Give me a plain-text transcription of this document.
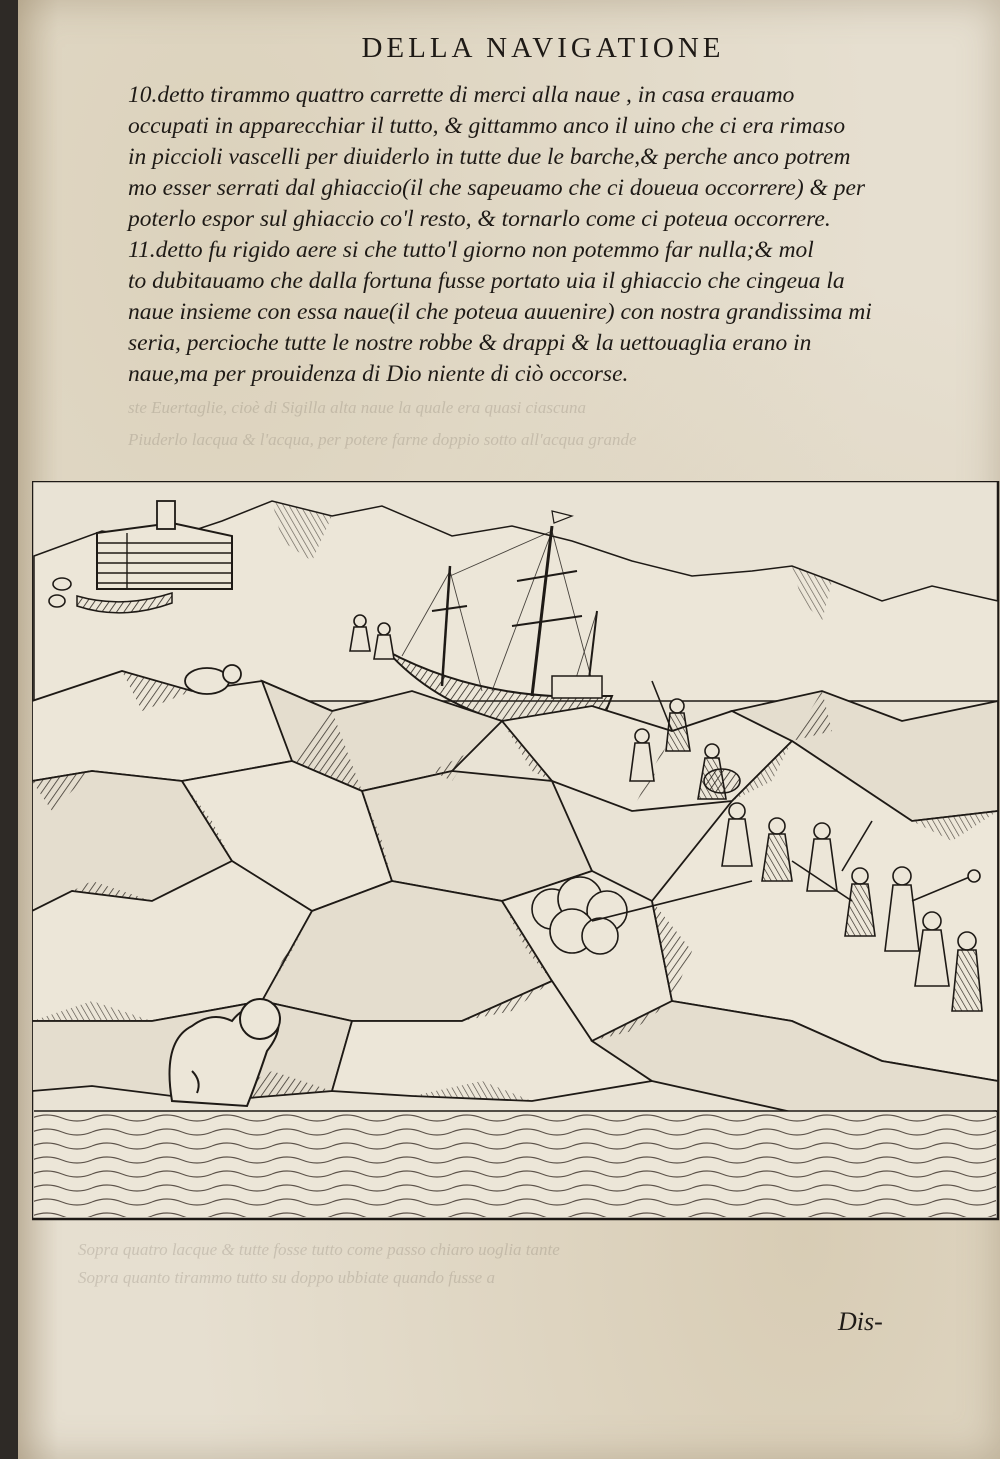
ste Euertaglie, cioè di Sigilla alta naue la quale era quasi ciascuna
Piuderlo lacqua & l'acqua, per potere farne doppio sotto all'acqua grande
Sopra quatro lacque & tutte fosse tutto come passo chiaro uoglia tante
Sopra quanto tirammo tutto su doppo ubbiate quando fusse a
DELLA NAVIGATIONE
10.detto tirammo quattro carrette di merci alla naue , in casa erauamo
occupati in apparecchiar il tutto, & gittammo anco il uino che ci era rimaso
in piccioli vascelli per diuiderlo in tutte due le barche,& perche anco potrem
mo esser serrati dal ghiaccio(il che sapeuamo che ci doueua occorrere) & per
poterlo espor sul ghiaccio co'l resto, & tornarlo come ci poteua occorrere.
11.detto fu rigido aere si che tutto'l giorno non potemmo far nulla;& mol
to dubitauamo che dalla fortuna fusse portato uia il ghiaccio che cingeua la
naue insieme con essa naue(il che poteua auuenire) con nostra grandissima mi
seria, percioche tutte le nostre robbe & drappi & la uettouaglia erano in
naue,ma per prouidenza di Dio niente di ciò occorse.
Dis-
